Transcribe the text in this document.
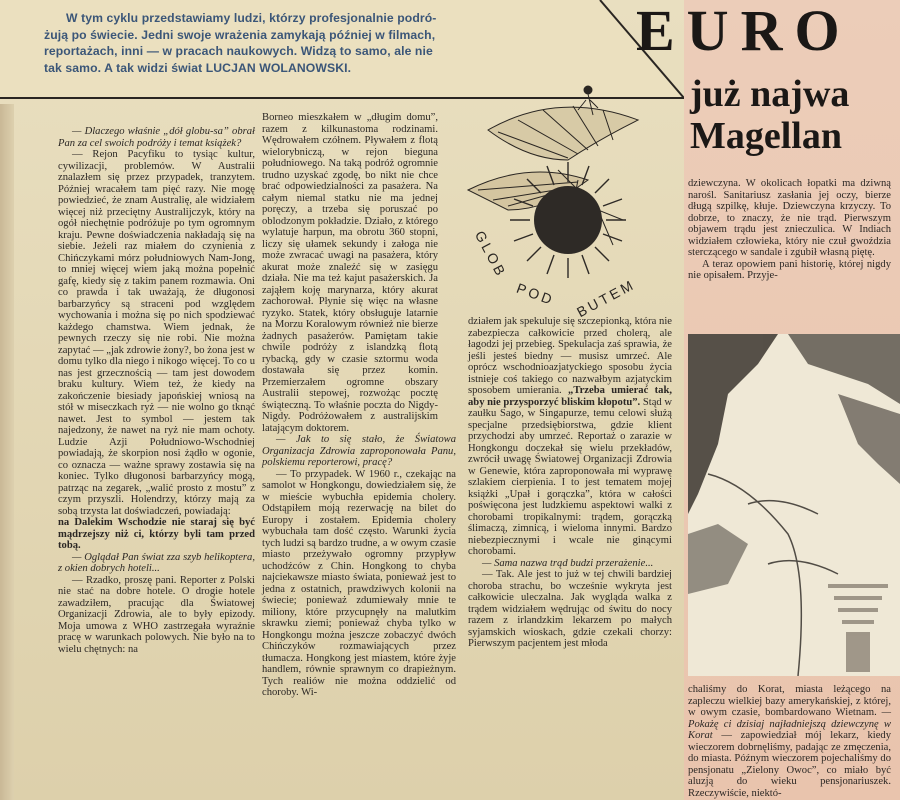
W tym cyklu przedstawiamy ludzi, którzy profesjonalnie podró-
żują po świecie. Jedni swoje wrażenia zamykają później w filmach,
reportażach, inni — w pracach naukowych. Widzą to samo, ale nie
tak samo. A tak widzi świat LUCJAN WOLANOWSKI.
EURO
już najwa
Magellan
GLOB
POD BUTEM

— Dlaczego właśnie „dół globu-sa” obrał Pan za cel swoich podróży i temat książek?

— Rejon Pacyfiku to tysiąc kultur, cywilizacji, problemów. W Australii znalazłem się przez przypadek, tranzytem. Później wracałem tam pięć razy. Nie mogę powiedzieć, że znam Australię, ale widziałem więcej niż przeciętny Australijczyk, który na ogół niechętnie podróżuje po tym ogromnym kraju. Pewne doświadczenia nakładają się na siebie. Jeżeli raz miałem do czynienia z Chińczykami mórz południowych Nam-Jong, to mniej więcej wiem jaką można popełnić gafę, kiedy się z takim panem rozmawia. Oni co prawda i tak uważają, że długonosi barbarzyńcy są straceni pod względem wychowania i można się po nich spodziewać każdego chamstwa. Wiem jednak, że pewnych rzeczy się nie robi. Nie można zapytać — „jak zdrowie żony?, bo żona jest w domu tylko dla niego i nikogo więcej. To co u nas jest grzecznością — tam jest dowodem braku kultury. Wiem też, że kiedy na zakończenie biesiady japońskiej wniosą na stół w miseczkach ryż — nie wolno go tknąć nawet. Jest to symbol — jestem tak najedzony, że nawet na ryż nie mam ochoty. Ludzie Azji Południowo-Wschodniej powiadają, że skorpion nosi żądło w ogonie, co oznacza — ważne sprawy zostawia się na koniec. Tylko długonosi barbarzyńcy mogą, patrząc na zegarek, „walić prosto z mostu” z czym przyszli. Holendrzy, którzy mają za sobą trzysta lat doświadczeń, powiadają:

na Dalekim Wschodzie nie staraj się być mądrzejszy niż ci, którzy byli tam przed tobą.

— Oglądał Pan świat zza szyb helikoptera, z okien dobrych hoteli...

— Rzadko, proszę pani. Reporter z Polski nie stać na dobre hotele. O drogie hotele zawadziłem, pracując dla Światowej Organizacji Zdrowia, ale to były epizody. Moja umowa z WHO zastrzegała wyraźnie pracę w warunkach polowych. Nie było na to wielu chętnych: na

Borneo mieszkałem w „długim domu”, razem z kilkunastoma rodzinami. Wędrowałem czółnem. Pływałem z flotą wielorybniczą, w rejon bieguna południowego. Na taką podróż ogromnie trudno uzyskać zgodę, bo nikt nie chce brać odpowiedzialności za pasażera. Na całym niemal statku nie ma jednej poręczy, a trzeba się poruszać po oblodzonym pokładzie. Działo, z którego wylatuje harpun, ma obrotu 360 stopni, liczy się ułamek sekundy i załoga nie może zwracać uwagi na pasażera, który akurat może znaleźć się w zasięgu działa. Nie ma też kajut pasażerskich. Ja zająłem koję marynarza, który akurat zachorował. Płynie się więc na własne ryzyko. Statek, który obsługuje latarnie na Morzu Koralowym również nie bierze żadnych pasażerów. Pamiętam takie chwile podróży z islandzką flotą rybacką, gdy w czasie sztormu woda dostawała się przez komin. Przemierzałem ogromne obszary Australii stepowej, rozwożąc pocztę świąteczną. To właśnie poczta do Nigdy-Nigdy. Podróżowałem z australijskim latającym doktorem.

— Jak to się stało, że Światowa Organizacja Zdrowia zaproponowała Panu, polskiemu reporterowi, pracę?

— To przypadek. W 1960 r., czekając na samolot w Hongkongu, dowiedziałem się, że w mieście wybuchła epidemia cholery. Odstąpiłem moją rezerwację na bilet do Europy i zostałem. Epidemia cholery wybuchała tam dość często. Warunki życia tych ludzi są bardzo trudne, a w owym czasie miasto przeżywało ogromny przypływ uchodźców z Chin. Hongkong to chyba najciekawsze miasto świata, ponieważ jest to jedna z ostatnich, prawdziwych kolonii na świecie; ponieważ zdumiewały mnie te miliony, które przycupnęły na malutkim skrawku ziemi; ponieważ chyba tylko w Hongkongu można jeszcze zobaczyć dwóch Chińczyków rozmawiających przez tłumacza. Hongkong jest miastem, które żyje handlem, równie sprawnym co drapieżnym. Tych realiów nie można oddzielić od choroby. Wi-

działem jak spekuluje się szczepionką, która nie zabezpiecza całkowicie przed cholerą, ale łagodzi jej przebieg. Spekulacja zaś sprawia, że jeśli jesteś biedny — musisz umrzeć. Ale oprócz wschodnioazjatyckiego sposobu życia istnieje coś takiego co nazwałbym azjatyckim sposobem umierania. „Trzeba umierać tak, aby nie przysporzyć bliskim kłopotu”. Stąd w zaułku Sago, w Singapurze, temu celowi służą specjalne przedsiębiorstwa, gdzie klient przychodzi aby umrzeć. Reportaż o zarazie w Hongkongu doczekał się wielu przekładów, zwrócił uwagę Światowej Organizacji Zdrowia w Genewie, która zaproponowała mi wyprawę szlakiem cierpienia. I to jest tematem mojej książki „Upał i gorączka”, która w całości poświęcona jest ludzkiemu aspektowi walki z chorobami tropikalnymi: trądem, gorączką ślimaczą, zimnicą, i wieloma innymi. Bardzo niebezpiecznymi i wcale nie ginącymi chorobami.

— Sama nazwa trąd budzi przerażenie...

— Tak. Ale jest to już w tej chwili bardziej choroba strachu, bo wcześnie wykryta jest całkowicie uleczalna. Jak wygląda walka z trądem widziałem wędrując od świtu do nocy razem z irlandzkim lekarzem po małych syjamskich wioskach, gdzie czekali chorzy: Pierwszym pacjentem jest młoda

dziewczyna. W okolicach łopatki ma dziwną narośl. Sanitariusz zasłania jej oczy, bierze długą szpilkę, kłuje. Dziewczyna krzyczy. To dobrze, to znaczy, że nie trąd. Pierwszym objawem trądu jest znieczulica. W Indiach widziałem człowieka, który nie czuł gwoździa sterczącego w sandale i zgubił własną piętę.

A teraz opowiem pani historię, której nigdy nie opisałem. Przyje-

chaliśmy do Korat, miasta leżącego na zapleczu wielkiej bazy amerykańskiej, z której, w owym czasie, bombardowano Wietnam. — Pokażę ci dzisiaj najładniejszą dziewczynę w Korat — zapowiedział mój lekarz, kiedy wieczorem dobrnęliśmy, padając ze zmęczenia, do miasta. Późnym wieczorem pojechaliśmy do pensjonatu „Zielony Owoc”, co miało być aluzją do wieku pensjonariuszek. Rzeczywiście, niektó-
